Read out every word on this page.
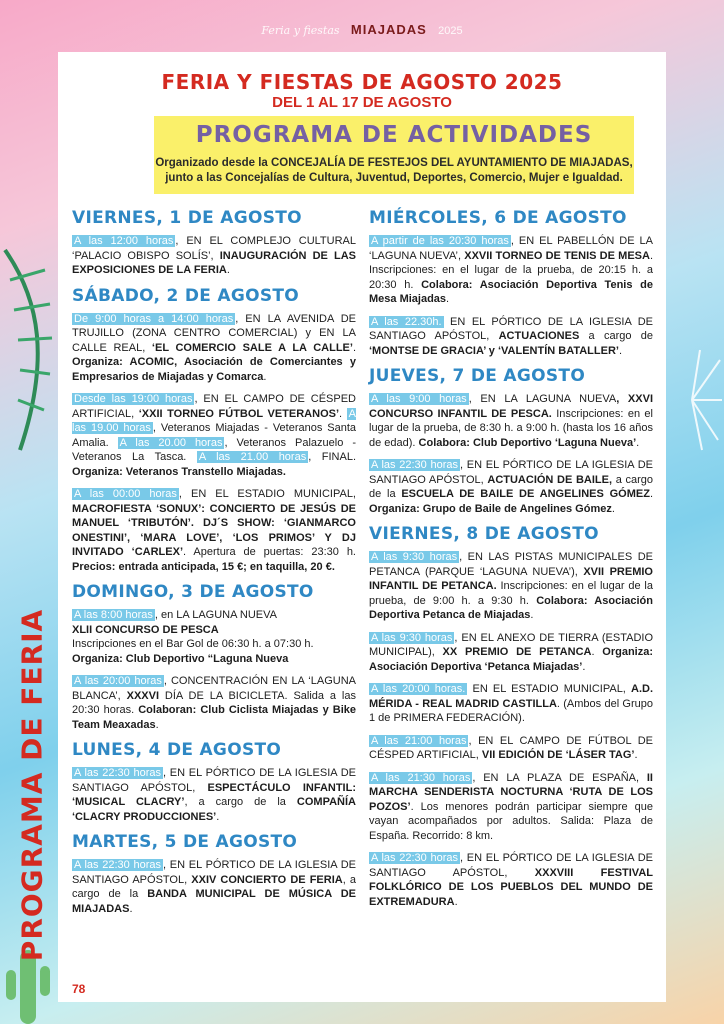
Feria y fiestas MIAJADAS 2025
FERIA Y FIESTAS DE AGOSTO 2025
DEL 1 AL 17 DE AGOSTO
PROGRAMA DE ACTIVIDADES
Organizado desde la CONCEJALÍA DE FESTEJOS DEL AYUNTAMIENTO DE MIAJADAS,
junto a las Concejalías de Cultura, Juventud, Deportes, Comercio, Mujer e Igualdad.
VIERNES, 1 DE AGOSTO

A las 12:00 horas , EN EL COMPLEJO CULTURAL ‘PALACIO OBISPO SOLÍS’, INAUGURACIÓN DE LAS EXPOSICIONES DE LA FERIA.

SÁBADO, 2 DE AGOSTO

De 9:00 horas a 14:00 horas , EN LA AVENIDA DE TRUJILLO (ZONA CENTRO COMERCIAL) y EN LA CALLE REAL, ‘EL COMERCIO SALE A LA CALLE’. Organiza: ACOMIC, Asociación de Comerciantes y Empresarios de Miajadas y Comarca.

Desde las 19:00 horas , EN EL CAMPO DE CÉSPED ARTIFICIAL, ‘XXII TORNEO FÚTBOL VETERANOS’. A las 19.00 horas , Veteranos Miajadas - Veteranos Santa Amalia. A las 20.00 horas , Veteranos Palazuelo - Veteranos La Tasca. A las 21.00 horas , FINAL. Organiza: Veteranos Transtello Miajadas.

A las 00:00 horas , EN EL ESTADIO MUNICIPAL, MACROFIESTA ‘SONUX’: CONCIERTO DE JESÚS DE MANUEL ‘TRIBUTÓN’. DJ´S SHOW: ‘GIANMARCO ONESTINI’, ‘MARA LOVE’, ‘LOS PRIMOS’ Y DJ INVITADO ‘CARLEX’. Apertura de puertas: 23:30 h. Precios: entrada anticipada, 15 €; en taquilla, 20 €.

DOMINGO, 3 DE AGOSTO

A las 8:00 horas , en LA LAGUNA NUEVA
XLII CONCURSO DE PESCA
Inscripciones en el Bar Gol de 06:30 h. a 07:30 h.
Organiza: Club Deportivo “Laguna Nueva

A las 20:00 horas , CONCENTRACIÓN EN LA ‘LAGUNA BLANCA’, XXXVI DÍA DE LA BICICLETA. Salida a las 20:30 horas. Colaboran: Club Ciclista Miajadas y Bike Team Meaxadas.

LUNES, 4 DE AGOSTO

A las 22:30 horas , EN EL PÓRTICO DE LA IGLESIA DE SANTIAGO APÓSTOL, ESPECTÁCULO INFANTIL: ‘MUSICAL CLACRY’, a cargo de la COMPAÑÍA ‘CLACRY PRODUCCIONES’.

MARTES, 5 DE AGOSTO

A las 22:30 horas , EN EL PÓRTICO DE LA IGLESIA DE SANTIAGO APÓSTOL, XXIV CONCIERTO DE FERIA, a cargo de la BANDA MUNICIPAL DE MÚSICA DE MIAJADAS.

MIÉRCOLES, 6 DE AGOSTO

A partir de las 20:30 horas , EN EL PABELLÓN DE LA ‘LAGUNA NUEVA’, XXVII TORNEO DE TENIS DE MESA. Inscripciones: en el lugar de la prueba, de 20:15 h. a 20:30 h. Colabora: Asociación Deportiva Tenis de Mesa Miajadas.

A las 22.30h. EN EL PÓRTICO DE LA IGLESIA DE SANTIAGO APÓSTOL, ACTUACIONES a cargo de ‘MONTSE DE GRACIA’ y ‘VALENTÍN BATALLER’.

JUEVES, 7 DE AGOSTO

A las 9:00 horas , EN LA LAGUNA NUEVA, XXVI CONCURSO INFANTIL DE PESCA. Inscripciones: en el lugar de la prueba, de 8:30 h. a 9:00 h. (hasta los 16 años de edad). Colabora: Club Deportivo ‘Laguna Nueva’.

A las 22:30 horas , EN EL PÓRTICO DE LA IGLESIA DE SANTIAGO APÓSTOL, ACTUACIÓN DE BAILE, a cargo de la ESCUELA DE BAILE DE ANGELINES GÓMEZ. Organiza: Grupo de Baile de Angelines Gómez.

VIERNES, 8 DE AGOSTO

A las 9:30 horas , EN LAS PISTAS MUNICIPALES DE PETANCA (PARQUE ‘LAGUNA NUEVA’), XVII PREMIO INFANTIL DE PETANCA. Inscripciones: en el lugar de la prueba, de 9:00 h. a 9:30 h. Colabora: Asociación Deportiva Petanca de Miajadas.

A las 9:30 horas , EN EL ANEXO DE TIERRA (ESTADIO MUNICIPAL), XX PREMIO DE PETANCA. Organiza: Asociación Deportiva ‘Petanca Miajadas’.

A las 20:00 horas. EN EL ESTADIO MUNICIPAL, A.D. MÉRIDA - REAL MADRID CASTILLA. (Ambos del Grupo 1 de PRIMERA FEDERACIÓN).

A las 21:00 horas , EN EL CAMPO DE FÚTBOL DE CÉSPED ARTIFICIAL, VII EDICIÓN DE ‘LÁSER TAG’.

A las 21:30 horas , EN LA PLAZA DE ESPAÑA, II MARCHA SENDERISTA NOCTURNA ‘RUTA DE LOS POZOS’. Los menores podrán participar siempre que vayan acompañados por adultos. Salida: Plaza de España. Recorrido: 8 km.

A las 22:30 horas , EN EL PÓRTICO DE LA IGLESIA DE SANTIAGO APÓSTOL, XXXVIII FESTIVAL FOLKLÓRICO DE LOS PUEBLOS DEL MUNDO DE EXTREMADURA.

PROGRAMA DE FERIA
78
